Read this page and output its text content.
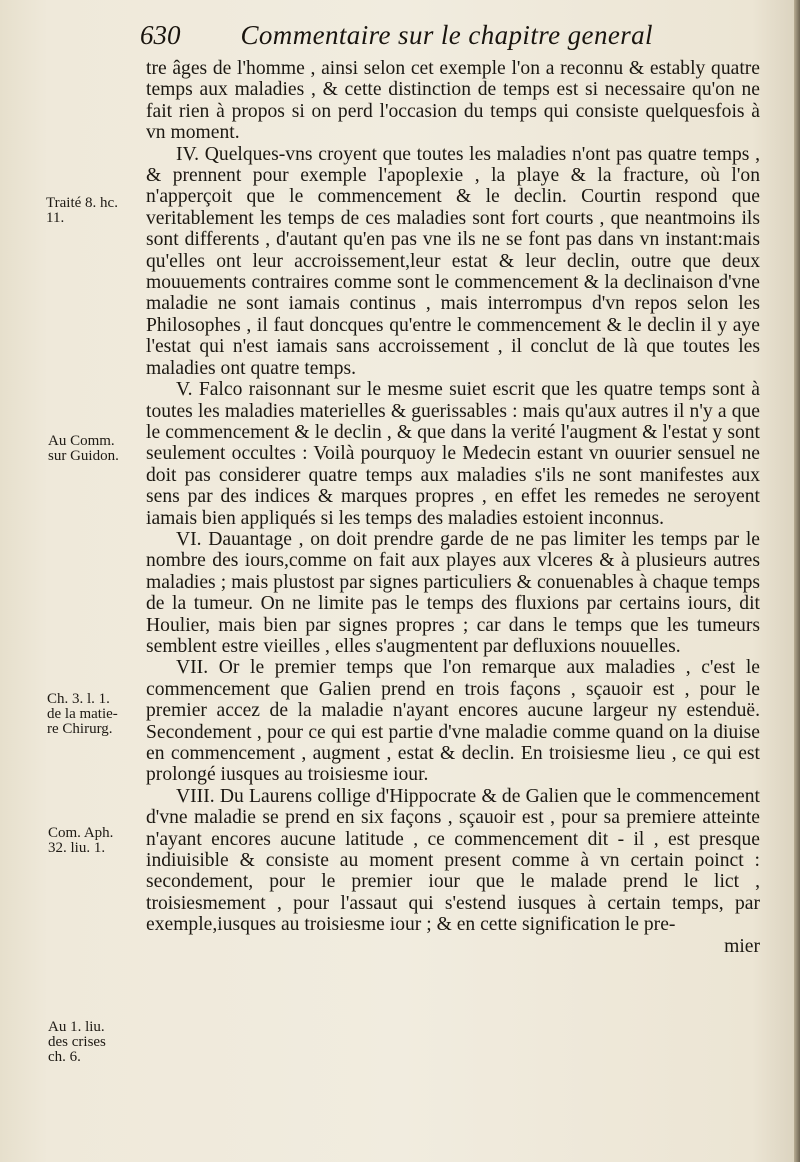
630 Commentaire sur le chapitre general

tre âges de l'homme , ainsi selon cet exemple l'on a reconnu & estably quatre temps aux maladies , & cette distinction de temps est si necessaire qu'on ne fait rien à propos si on perd l'occasion du temps qui consiste quelquesfois à vn moment.

IV. Quelques-vns croyent que toutes les maladies n'ont pas quatre temps , & prennent pour exemple l'apoplexie , la playe & la fracture, où l'on n'apperçoit que le commencement & le declin. Courtin respond que veritablement les temps de ces maladies sont fort courts , que neantmoins ils sont differents , d'autant qu'en pas vne ils ne se font pas dans vn instant:mais qu'elles ont leur accroissement,leur estat & leur declin, outre que deux mouuements contraires comme sont le commencement & la declinaison d'vne maladie ne sont iamais continus , mais interrompus d'vn repos selon les Philosophes , il faut doncques qu'entre le commencement & le declin il y aye l'estat qui n'est iamais sans accroissement , il conclut de là que toutes les maladies ont quatre temps.

V. Falco raisonnant sur le mesme suiet escrit que les quatre temps sont à toutes les maladies materielles & guerissables : mais qu'aux autres il n'y a que le commencement & le declin , & que dans la verité l'augment & l'estat y sont seulement occultes : Voilà pourquoy le Medecin estant vn ouurier sensuel ne doit pas considerer quatre temps aux maladies s'ils ne sont manifestes aux sens par des indices & marques propres , en effet les remedes ne seroyent iamais bien appliqués si les temps des maladies estoient inconnus.

VI. Dauantage , on doit prendre garde de ne pas limiter les temps par le nombre des iours,comme on fait aux playes aux vlceres & à plusieurs autres maladies ; mais plustost par signes particuliers & conuenables à chaque temps de la tumeur. On ne limite pas le temps des fluxions par certains iours, dit Houlier, mais bien par signes propres ; car dans le temps que les tumeurs semblent estre vieilles , elles s'augmentent par defluxions nouuelles.

VII. Or le premier temps que l'on remarque aux maladies , c'est le commencement que Galien prend en trois façons , sçauoir est , pour le premier accez de la maladie n'ayant encores aucune largeur ny estenduë. Secondement , pour ce qui est partie d'vne maladie comme quand on la diuise en commencement , augment , estat & declin. En troisiesme lieu , ce qui est prolongé iusques au troisiesme iour.

VIII. Du Laurens collige d'Hippocrate & de Galien que le commencement d'vne maladie se prend en six façons , sçauoir est , pour sa premiere atteinte n'ayant encores aucune latitude , ce commencement dit - il , est presque indiuisible & consiste au moment present comme à vn certain poinct : secondement, pour le premier iour que le malade prend le lict , troisiesmement , pour l'assaut qui s'estend iusques à certain temps, par exemple,iusques au troisiesme iour ; & en cette signification le pre-

mier

Traité 8. hc.
11.
Au Comm.
sur Guidon.
Ch. 3. l. 1.
de la matie-
re Chirurg.
Com. Aph.
32. liu. 1.
Au 1. liu.
des crises
ch. 6.
